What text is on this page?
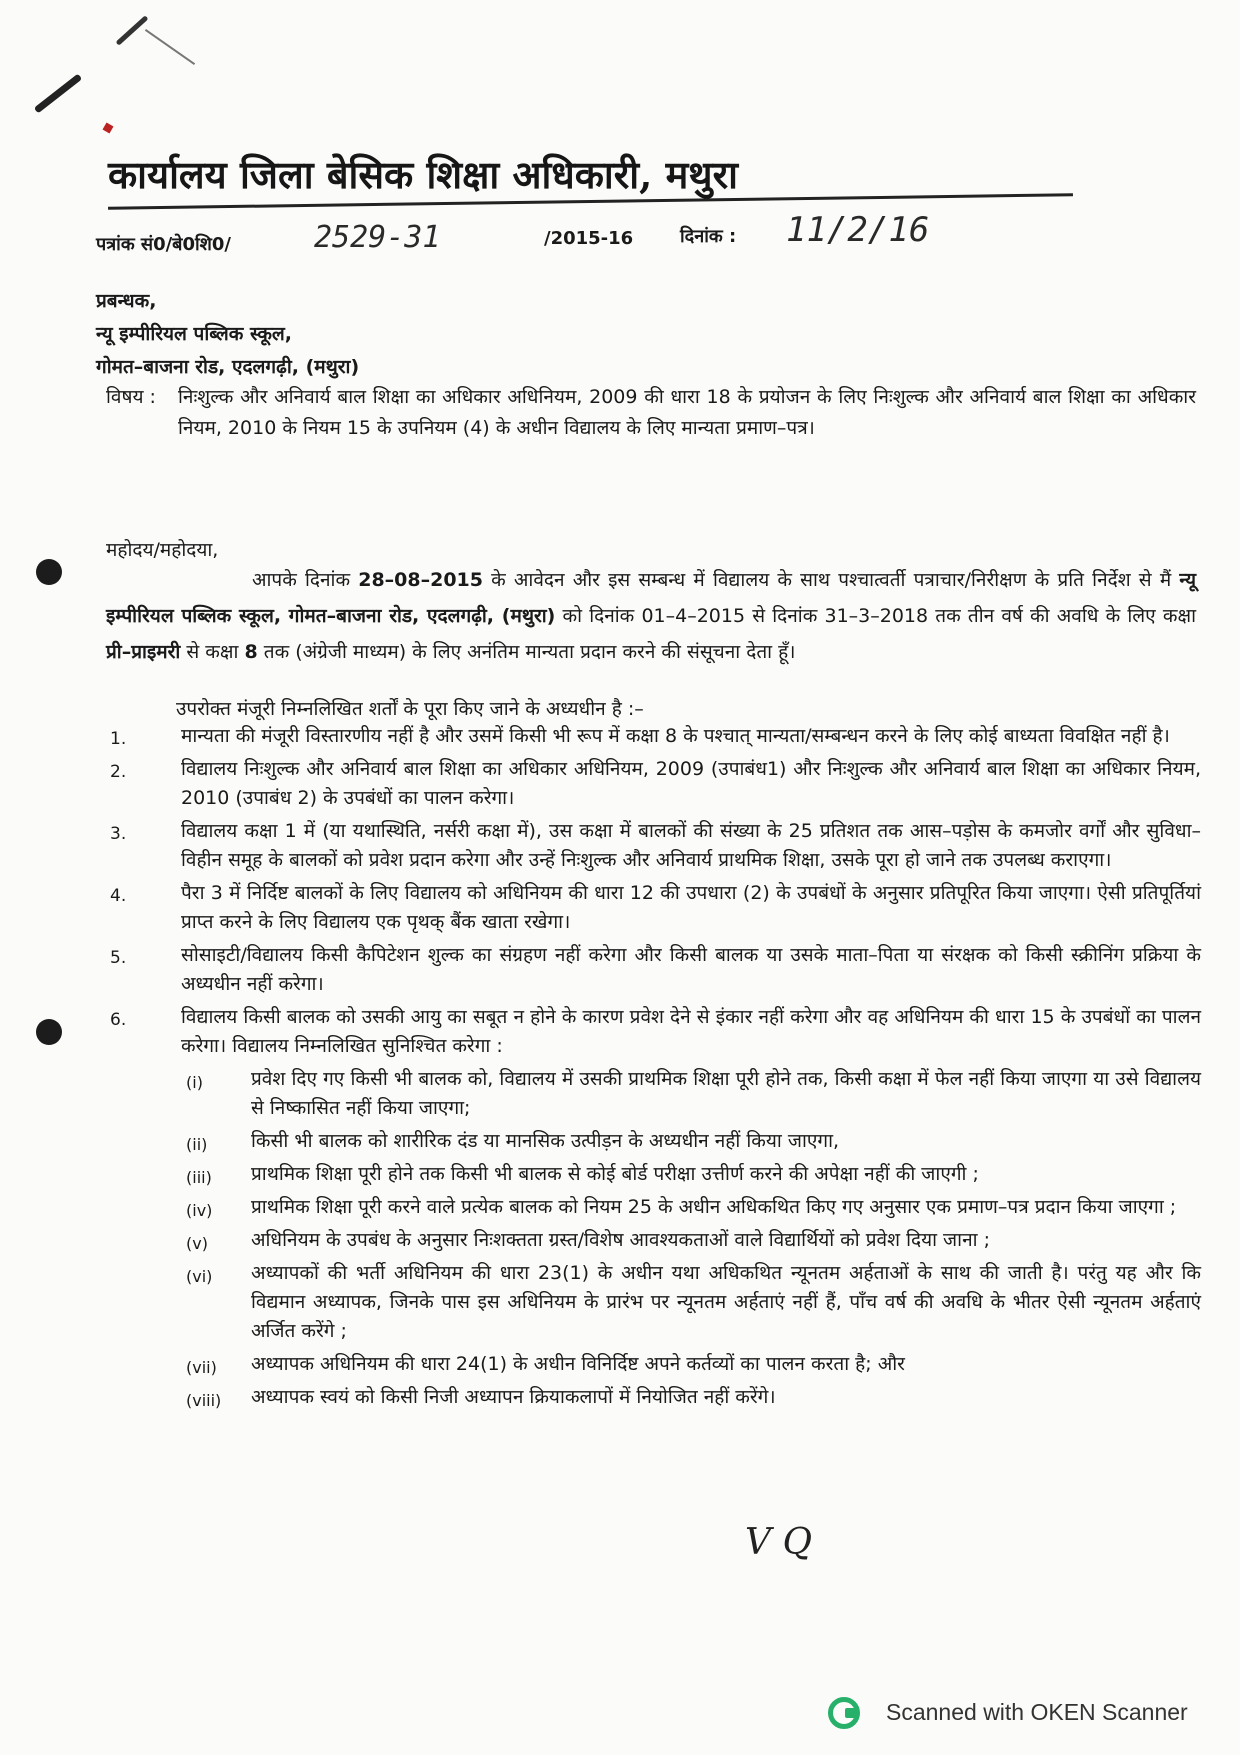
कार्यालय जिला बेसिक शिक्षा अधिकारी, मथुरा
पत्रांक सं0/बे0शि0/	2529-31	/2015-16	दिनांक : 11/2/16
प्रबन्धक,
न्यू इम्पीरियल पब्लिक स्कूल,
गोमत–बाजना रोड, एदलगढ़ी, (मथुरा)
विषय : निःशुल्क और अनिवार्य बाल शिक्षा का अधिकार अधिनियम, 2009 की धारा 18 के प्रयोजन के लिए निःशुल्क और अनिवार्य बाल शिक्षा का अधिकार नियम, 2010 के नियम 15 के उपनियम (4) के अधीन विद्यालय के लिए मान्यता प्रमाण–पत्र।
महोदय/महोदया,
आपके दिनांक 28–08–2015 के आवेदन और इस सम्बन्ध में विद्यालय के साथ पश्चात्वर्ती पत्राचार/निरीक्षण के प्रति निर्देश से मैं न्यू इम्पीरियल पब्लिक स्कूल, गोमत–बाजना रोड, एदलगढ़ी, (मथुरा) को दिनांक 01–4–2015 से दिनांक 31–3–2018 तक तीन वर्ष की अवधि के लिए कक्षा प्री–प्राइमरी से कक्षा 8 तक (अंग्रेजी माध्यम) के लिए अनंतिम मान्यता प्रदान करने की संसूचना देता हूँ।
उपरोक्त मंजूरी निम्नलिखित शर्तों के पूरा किए जाने के अध्यधीन है :–
1.	मान्यता की मंजूरी विस्तारणीय नहीं है और उसमें किसी भी रूप में कक्षा 8 के पश्चात् मान्यता/सम्बन्धन करने के लिए कोई बाध्यता विवक्षित नहीं है।
2.	विद्यालय निःशुल्क और अनिवार्य बाल शिक्षा का अधिकार अधिनियम, 2009 (उपाबंध1) और निःशुल्क और अनिवार्य बाल शिक्षा का अधिकार नियम, 2010 (उपाबंध 2) के उपबंधों का पालन करेगा।
3.	विद्यालय कक्षा 1 में (या यथास्थिति, नर्सरी कक्षा में), उस कक्षा में बालकों की संख्या के 25 प्रतिशत तक आस–पड़ोस के कमजोर वर्गों और सुविधा–विहीन समूह के बालकों को प्रवेश प्रदान करेगा और उन्हें निःशुल्क और अनिवार्य प्राथमिक शिक्षा, उसके पूरा हो जाने तक उपलब्ध कराएगा।
4.	पैरा 3 में निर्दिष्ट बालकों के लिए विद्यालय को अधिनियम की धारा 12 की उपधारा (2) के उपबंधों के अनुसार प्रतिपूरित किया जाएगा। ऐसी प्रतिपूर्तियां प्राप्त करने के लिए विद्यालय एक पृथक् बैंक खाता रखेगा।
5.	सोसाइटी/विद्यालय किसी कैपिटेशन शुल्क का संग्रहण नहीं करेगा और किसी बालक या उसके माता–पिता या संरक्षक को किसी स्क्रीनिंग प्रक्रिया के अध्यधीन नहीं करेगा।
6.	विद्यालय किसी बालक को उसकी आयु का सबूत न होने के कारण प्रवेश देने से इंकार नहीं करेगा और वह अधिनियम की धारा 15 के उपबंधों का पालन करेगा। विद्यालय निम्नलिखित सुनिश्चित करेगा :
(i)	प्रवेश दिए गए किसी भी बालक को, विद्यालय में उसकी प्राथमिक शिक्षा पूरी होने तक, किसी कक्षा में फेल नहीं किया जाएगा या उसे विद्यालय से निष्कासित नहीं किया जाएगा;
(ii) किसी भी बालक को शारीरिक दंड या मानसिक उत्पीड़न के अध्यधीन नहीं किया जाएगा,
(iii) प्राथमिक शिक्षा पूरी होने तक किसी भी बालक से कोई बोर्ड परीक्षा उत्तीर्ण करने की अपेक्षा नहीं की जाएगी ;
(iv) प्राथमिक शिक्षा पूरी करने वाले प्रत्येक बालक को नियम 25 के अधीन अधिकथित किए गए अनुसार एक प्रमाण–पत्र प्रदान किया जाएगा ;
(v) अधिनियम के उपबंध के अनुसार निःशक्तता ग्रस्त/विशेष आवश्यकताओं वाले विद्यार्थियों को प्रवेश दिया जाना ;
(vi) अध्यापकों की भर्ती अधिनियम की धारा 23(1) के अधीन यथा अधिकथित न्यूनतम अर्हताओं के साथ की जाती है। परंतु यह और कि विद्यमान अध्यापक, जिनके पास इस अधिनियम के प्रारंभ पर न्यूनतम अर्हताएं नहीं हैं, पाँच वर्ष की अवधि के भीतर ऐसी न्यूनतम अर्हताएं अर्जित करेंगे ;
(vii) अध्यापक अधिनियम की धारा 24(1) के अधीन विनिर्दिष्ट अपने कर्तव्यों का पालन करता है; और
(viii) अध्यापक स्वयं को किसी निजी अध्यापन क्रियाकलापों में नियोजित नहीं करेंगे।
V Q
Scanned with OKEN Scanner
